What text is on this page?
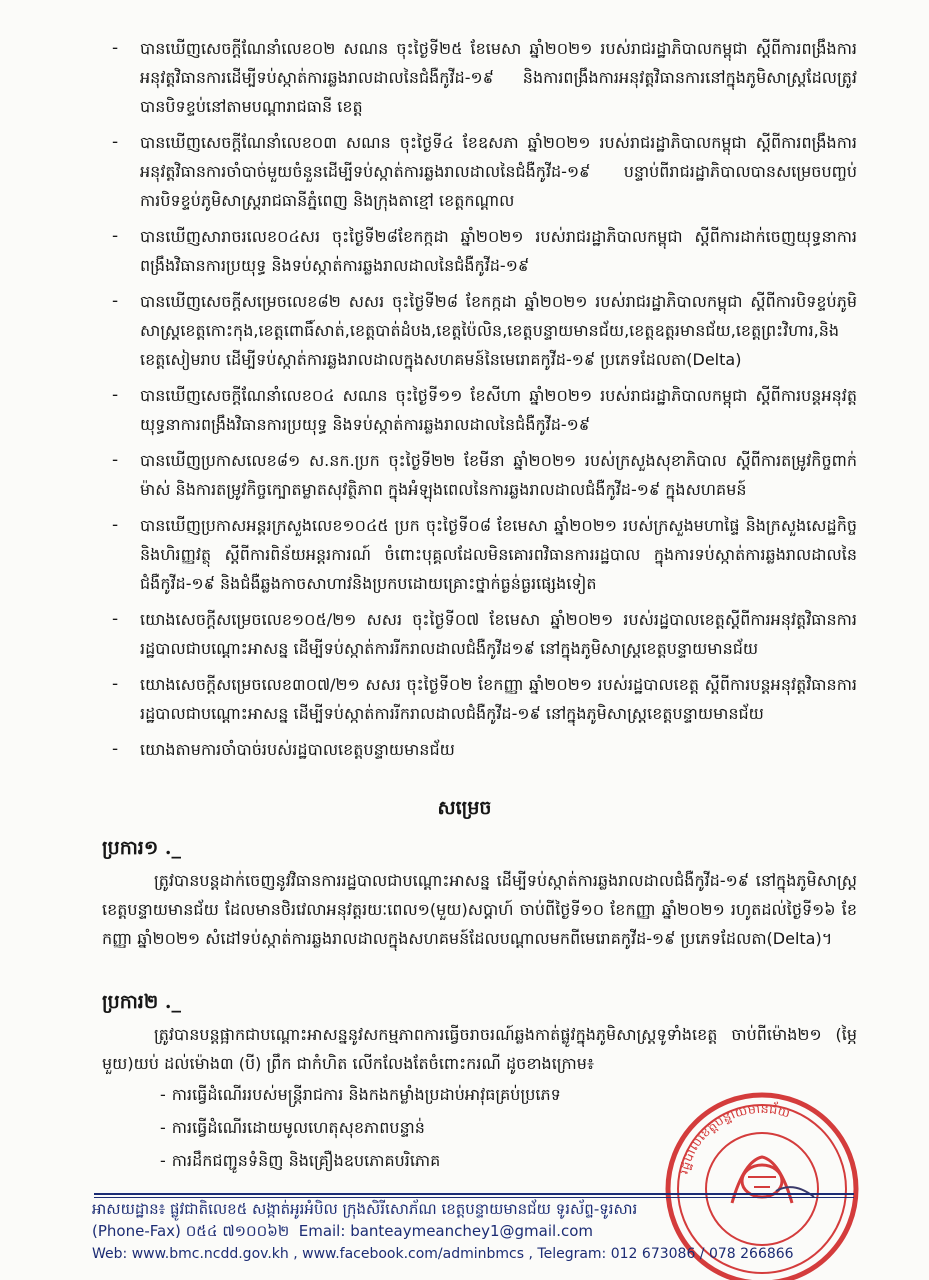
- បានឃើញសេចក្តីណែនាំលេខ០២ សណន ចុះថ្ងៃទី២៥ ខែមេសា ឆ្នាំ២០២១ របស់រាជរដ្ឋាភិបាលកម្ពុជា ស្តីពីការពង្រឹងការអនុវត្តវិធានការដើម្បីទប់ស្កាត់ការឆ្លងរាលដាលនៃជំងឺកូវីដ-១៩ និងការពង្រឹងការអនុវត្តវិធានការនៅក្នុងភូមិសាស្រ្តដែលត្រូវបានបិទខ្ទប់នៅតាមបណ្តារាជធានី ខេត្ត
- បានឃើញសេចក្តីណែនាំលេខ០៣ សណន ចុះថ្ងៃទី៤ ខែឧសភា ឆ្នាំ២០២១ របស់រាជរដ្ឋាភិបាលកម្ពុជា ស្តីពីការពង្រឹងការអនុវត្តវិធានការចាំបាច់មួយចំនួនដើម្បីទប់ស្កាត់ការឆ្លងរាលដាលនៃជំងឺកូវីដ-១៩ បន្ទាប់ពីរាជរដ្ឋាភិបាលបានសម្រេចបញ្ចប់ការបិទខ្ទប់ភូមិសាស្រ្តរាជធានីភ្នំពេញ និងក្រុងតាខ្មៅ ខេត្តកណ្តាល
- បានឃើញសារាចរលេខ០៤សរ ចុះថ្ងៃទី២៨ខែកក្កដា ឆ្នាំ២០២១ របស់រាជរដ្ឋាភិបាលកម្ពុជា ស្តីពីការដាក់ចេញយុទ្ធនាការពង្រឹងវិធានការប្រយុទ្ធ និងទប់ស្កាត់ការឆ្លងរាលដាលនៃជំងឺកូវីដ-១៩
- បានឃើញសេចក្តីសម្រេចលេខ៨២ សសរ ចុះថ្ងៃទី២៨ ខែកក្កដា ឆ្នាំ២០២១ របស់រាជរដ្ឋាភិបាលកម្ពុជា ស្តីពីការបិទខ្ទប់ភូមិសាស្រ្តខេត្តកោះកុង,ខេត្តពោធិ៍សាត់,ខេត្តបាត់ដំបង,ខេត្តប៉ៃលិន,ខេត្តបន្ទាយមានជ័យ,ខេត្តឧត្តរមានជ័យ,ខេត្តព្រះវិហារ,និងខេត្តសៀមរាប ដើម្បីទប់ស្កាត់ការឆ្លងរាលដាលក្នុងសហគមន៍នៃមេរោគកូវីដ-១៩ ប្រភេទដែលតា(Delta)
- បានឃើញសេចក្តីណែនាំលេខ០៤ សណន ចុះថ្ងៃទី១១ ខែសីហា ឆ្នាំ២០២១ របស់រាជរដ្ឋាភិបាលកម្ពុជា ស្តីពីការបន្តអនុវត្តយុទ្ធនាការពង្រឹងវិធានការប្រយុទ្ធ និងទប់ស្កាត់ការឆ្លងរាលដាលនៃជំងឺកូវីដ-១៩
- បានឃើញប្រកាសលេខ៨១ ស.នក.ប្រក ចុះថ្ងៃទី២២ ខែមីនា ឆ្នាំ២០២១ របស់ក្រសួងសុខាភិបាល ស្តីពីការតម្រូវកិច្ចពាក់ម៉ាស់ និងការតម្រូវកិច្ចក្បោតម្លាតសុវត្ថិភាព ក្នុងអំឡុងពេលនៃការឆ្លងរាលដាលជំងឺកូវីដ-១៩ ក្នុងសហគមន៍
- បានឃើញប្រកាសអន្តរក្រសួងលេខ១០៤៥ ប្រក ចុះថ្ងៃទី០៨ ខែមេសា ឆ្នាំ២០២១ របស់ក្រសួងមហាផ្ទៃ និងក្រសួងសេដ្ឋកិច្ច និងហិរញ្ញវត្ថុ ស្តីពីការពិន័យអន្តរការណ៍ ចំពោះបុគ្គលដែលមិនគោរពវិធានការរដ្ឋបាល ក្នុងការទប់ស្កាត់ការឆ្លងរាលដាលនៃជំងឺកូវីដ-១៩ និងជំងឺឆ្លងកាចសាហាវនិងប្រកបដោយគ្រោះថ្នាក់ធ្ងន់ធ្ងរផ្សេងទៀត
- យោងសេចក្តីសម្រេចលេខ១០៥/២១ សសរ ចុះថ្ងៃទី០៧ ខែមេសា ឆ្នាំ២០២១ របស់រដ្ឋបាលខេត្តស្តីពីការអនុវត្តវិធានការរដ្ឋបាលជាបណ្តោះអាសន្ន ដើម្បីទប់ស្កាត់ការរីករាលដាលជំងឺកូវីដ១៩ នៅក្នុងភូមិសាស្រ្តខេត្តបន្ទាយមានជ័យ
- យោងសេចក្តីសម្រេចលេខ៣០៧/២១ សសរ ចុះថ្ងៃទី០២ ខែកញ្ញា ឆ្នាំ២០២១ របស់រដ្ឋបាលខេត្ត ស្តីពីការបន្តអនុវត្តវិធានការរដ្ឋបាលជាបណ្តោះអាសន្ន ដើម្បីទប់ស្កាត់ការរីករាលដាលជំងឺកូវីដ-១៩ នៅក្នុងភូមិសាស្រ្តខេត្តបន្ទាយមានជ័យ
- យោងតាមការចាំបាច់របស់រដ្ឋបាលខេត្តបន្ទាយមានជ័យ
សម្រេច
ប្រការ១ ._
ត្រូវបានបន្តដាក់ចេញនូវវិធានការរដ្ឋបាលជាបណ្តោះអាសន្ន ដើម្បីទប់ស្កាត់ការឆ្លងរាលដាលជំងឺកូវីដ-១៩ នៅក្នុងភូមិសាស្រ្តខេត្តបន្ទាយមានជ័យ ដែលមានថិរវេលាអនុវត្តរយៈពេល១(មួយ)សប្តាហ៍ ចាប់ពីថ្ងៃទី១០ ខែកញ្ញា ឆ្នាំ២០២១ រហូតដល់ថ្ងៃទី១៦ ខែកញ្ញា ឆ្នាំ២០២១ សំដៅទប់ស្កាត់ការឆ្លងរាលដាលក្នុងសហគមន៍ដែលបណ្តាលមកពីមេរោគកូវីដ-១៩ ប្រភេទដែលតា(Delta)។
ប្រការ២ ._
ត្រូវបានបន្តផ្អាកជាបណ្តោះអាសន្ននូវសកម្មភាពការធ្វើចរាចរណ៍ឆ្លងកាត់ផ្លូវក្នុងភូមិសាស្រ្តទូទាំងខេត្ត ចាប់ពីម៉ោង២១ (ម្ភៃមួយ)យប់ ដល់ម៉ោង៣ (បី) ព្រឹក ជាកំហិត លើកលែងតែចំពោះករណី ដូចខាងក្រោម៖
- ការធ្វើដំណើររបស់មន្ត្រីរាជការ និងកងកម្លាំងប្រដាប់អាវុធគ្រប់ប្រភេទ
- ការធ្វើដំណើរដោយមូលហេតុសុខភាពបន្ទាន់
- ការដឹកជញ្ជូនទំនិញ និងគ្រឿងឧបភោគបរិភោគ
រដ្ឋបាលខេត្តបន្ទាយមានជ័យ
អាសយដ្ឋាន៖ ផ្លូវជាតិលេខ៥ សង្កាត់អូរអំបិល ក្រុងសិរីសោភ័ណ ខេត្តបន្ទាយមានជ័យ ទូរស័ព្ទ-ទូរសារ
(Phone-Fax) ០៥៤ ៧១០០៦២ Email: banteaymeanchey1@gmail.com
Web: www.bmc.ncdd.gov.kh , www.facebook.com/adminbmcs , Telegram: 012 673086 / 078 266866
